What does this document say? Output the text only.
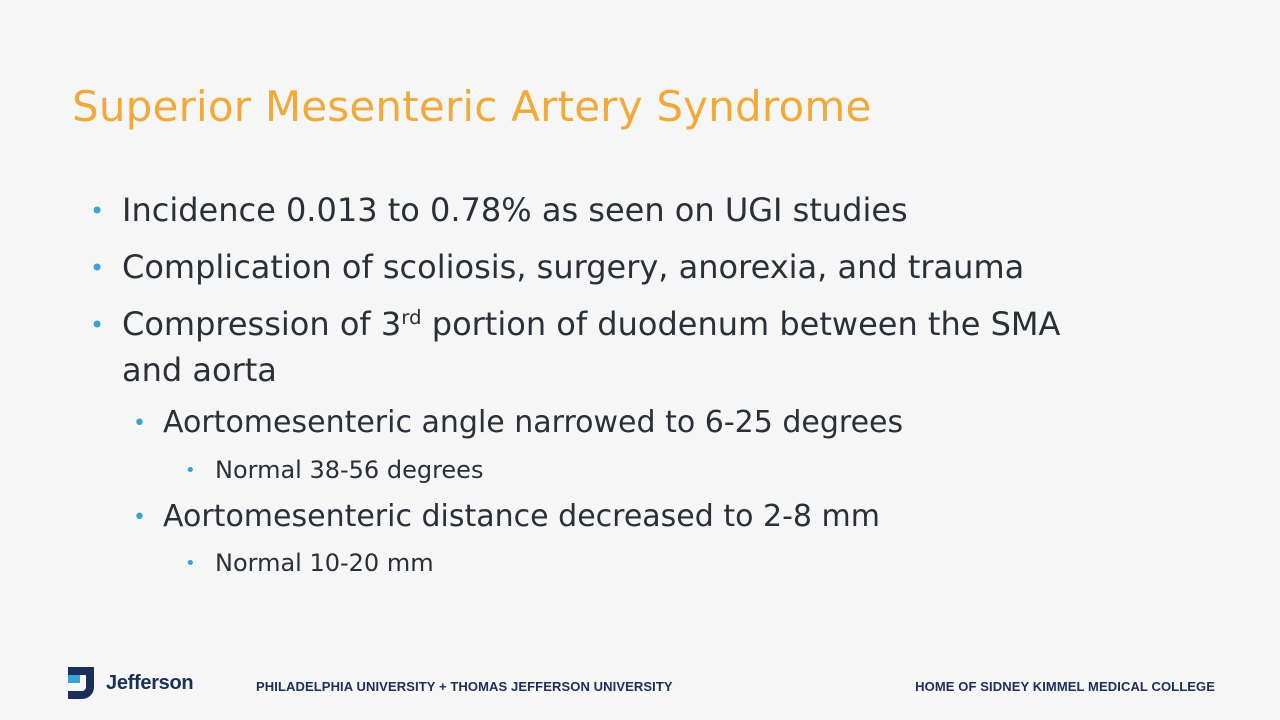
Superior Mesenteric Artery Syndrome
• Incidence 0.013 to 0.78% as seen on UGI studies
• Complication of scoliosis, surgery, anorexia, and trauma
• Compression of 3rd portion of duodenum between the SMA
and aorta
• Aortomesenteric angle narrowed to 6-25 degrees
• Normal 38-56 degrees
• Aortomesenteric distance decreased to 2-8 mm
• Normal 10-20 mm
Jefferson	PHILADELPHIA UNIVERSITY + THOMAS JEFFERSON UNIVERSITY	HOME OF SIDNEY KIMMEL MEDICAL COLLEGE
